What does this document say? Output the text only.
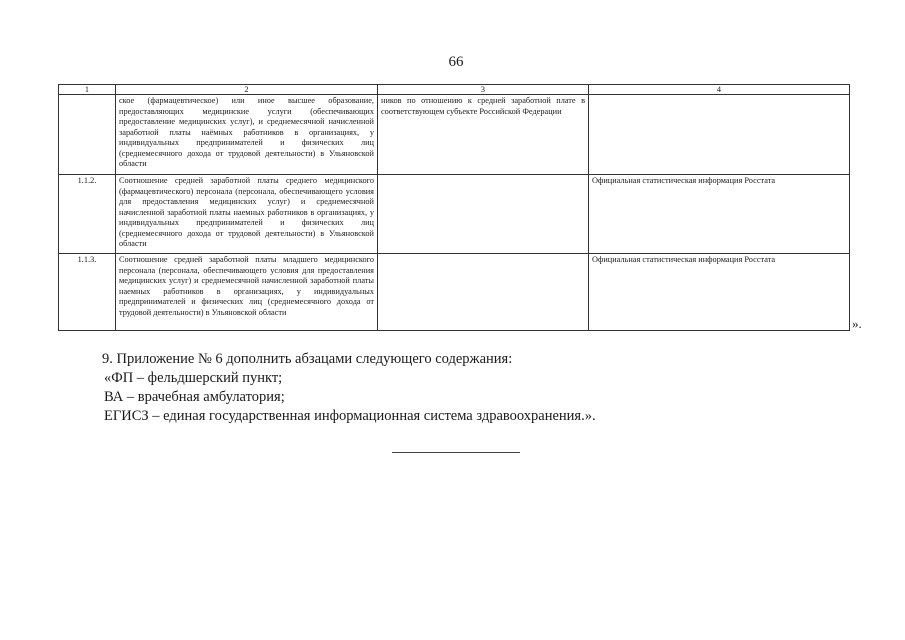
66
1	2	3	4
	ское (фармацевтическое) или иное высшее образование, предоставляющих медицинские услуги (обеспечивающих предоставление медицинских услуг), и среднемесячной начисленной заработной платы наёмных работников в организациях, у индивидуальных предпринимателей и физических лиц (среднемесячного дохода от трудовой деятельности) в Ульяновской области	ников по отношению к средней заработной плате в соответствующем субъекте Российской Федерации	
1.1.2.	Соотношение средней заработной платы среднего медицинского (фармацевтического) персонала (персонала, обеспечивающего условия для предоставления медицинских услуг) и среднемесячной начисленной заработной платы наемных работников в организациях, у индивидуальных предпринимателей и физических лиц (среднемесячного дохода от трудовой деятельности) в Ульяновской области		Официальная статистическая информация Росстата
1.1.3.	Соотношение средней заработной платы младшего медицинского персонала (персонала, обеспечивающего условия для предоставления медицинских услуг) и среднемесячной начисленной заработной платы наемных работников в организациях, у индивидуальных предпринимателей и физических лиц (среднемесячного дохода от трудовой деятельности) в Ульяновской области		Официальная статистическая информация Росстата
».

9. Приложение № 6 дополнить абзацами следующего содержания:

«ФП – фельдшерский пункт;

ВА – врачебная амбулатория;

ЕГИСЗ – единая государственная информационная система здравоохранения.».
